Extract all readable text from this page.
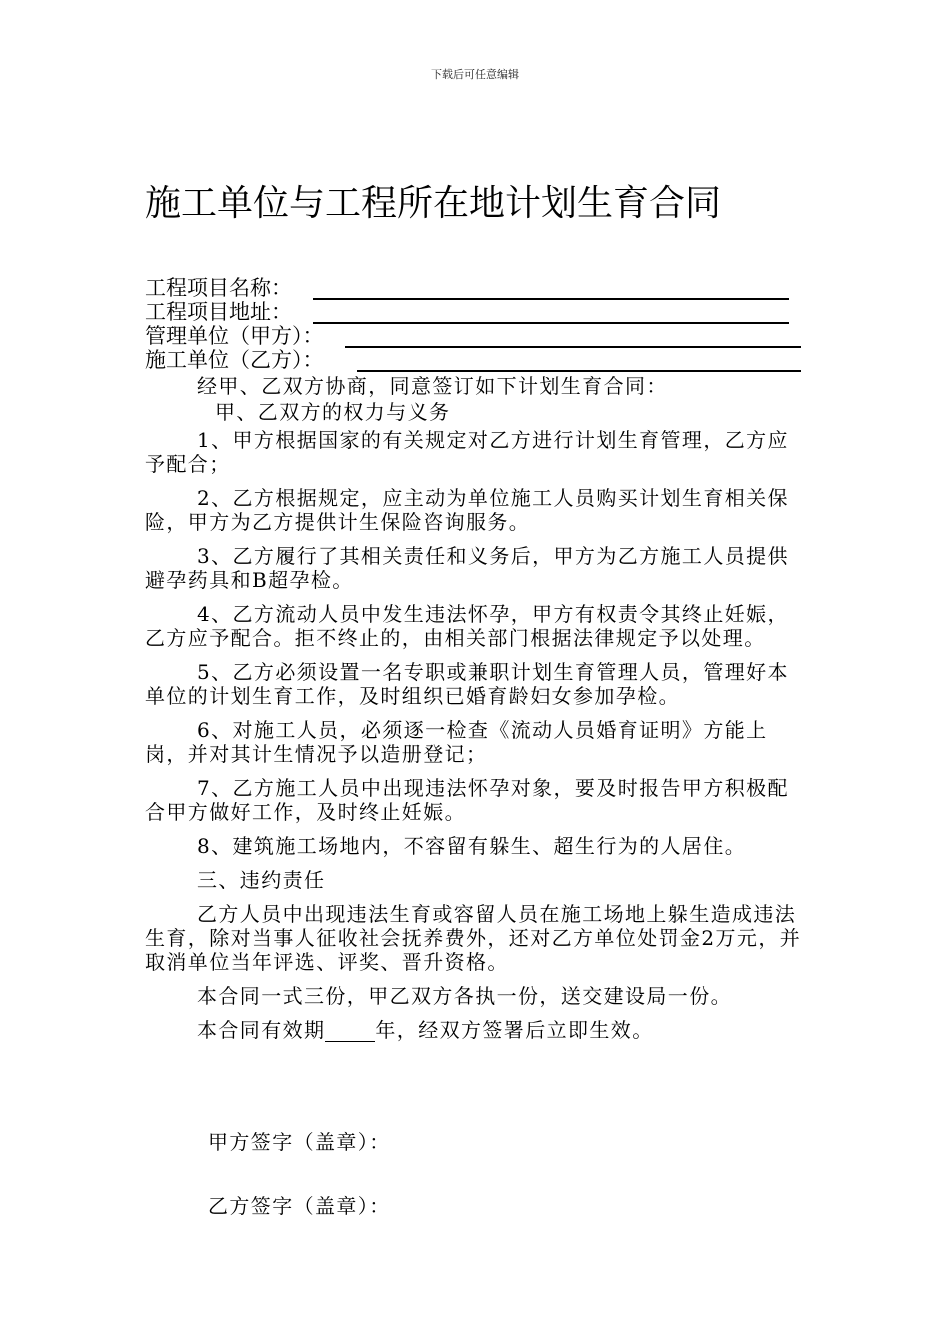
下载后可任意编辑
施工单位与工程所在地计划生育合同
工程项目名称：
工程项目地址：
管理单位（甲方）：
施工单位（乙方）：

经甲、乙双方协商，同意签订如下计划生育合同：

甲、乙双方的权力与义务

1、甲方根据国家的有关规定对乙方进行计划生育管理，乙方应予配合；

2、乙方根据规定，应主动为单位施工人员购买计划生育相关保险，甲方为乙方提供计生保险咨询服务。

3、乙方履行了其相关责任和义务后，甲方为乙方施工人员提供避孕药具和B超孕检。

4、乙方流动人员中发生违法怀孕，甲方有权责令其终止妊娠，乙方应予配合。拒不终止的，由相关部门根据法律规定予以处理。

5、乙方必须设置一名专职或兼职计划生育管理人员，管理好本单位的计划生育工作，及时组织已婚育龄妇女参加孕检。

6、对施工人员，必须逐一检查《流动人员婚育证明》方能上岗，并对其计生情况予以造册登记；

7、乙方施工人员中出现违法怀孕对象，要及时报告甲方积极配合甲方做好工作，及时终止妊娠。

8、建筑施工场地内，不容留有躲生、超生行为的人居住。

三、违约责任

乙方人员中出现违法生育或容留人员在施工场地上躲生造成违法生育，除对当事人征收社会抚养费外，还对乙方单位处罚金2万元，并取消单位当年评选、评奖、晋升资格。

本合同一式三份，甲乙双方各执一份，送交建设局一份。

本合同有效期	年，经双方签署后立即生效。

甲方签字（盖章）：
乙方签字（盖章）：
